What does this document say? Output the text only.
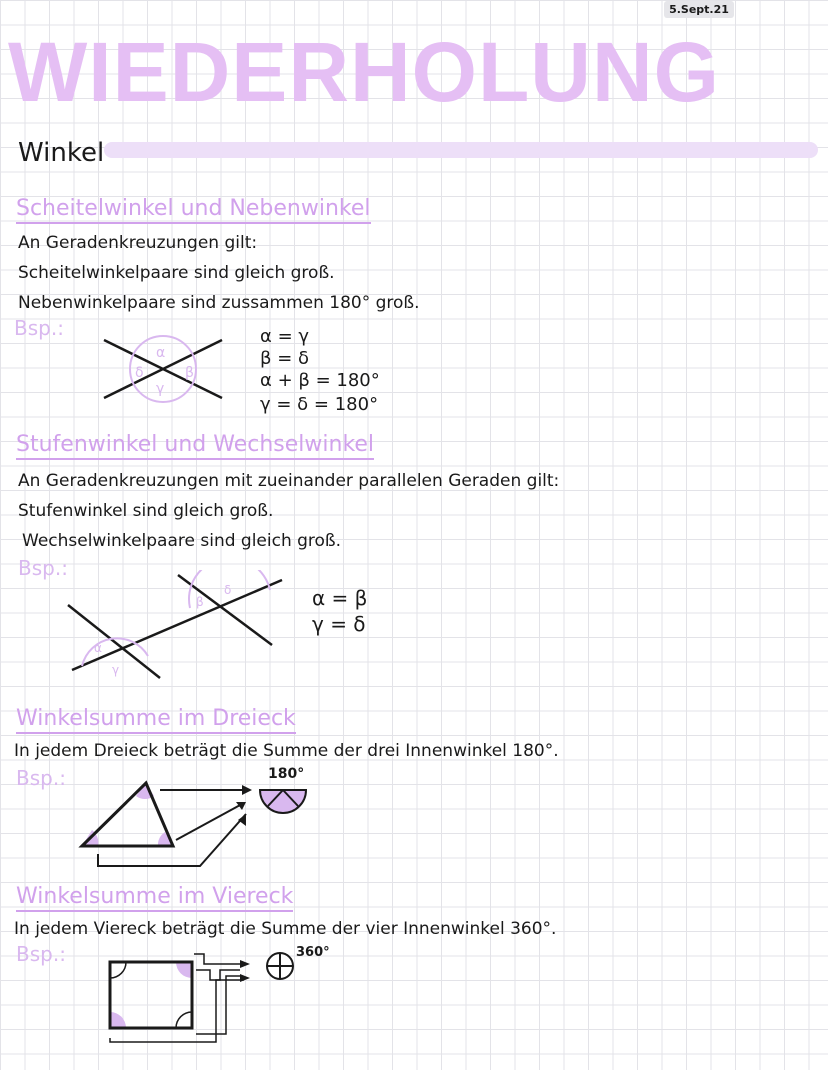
5.Sept.21
WIEDERHOLUNG
Winkel
Scheitelwinkel und Nebenwinkel
An Geradenkreuzungen gilt:
Scheitelwinkelpaare sind gleich groß.
Nebenwinkelpaare sind zussammen 180° groß.
Bsp.:
α
δ
γ
β
α = γ
β = δ
α + β = 180°
γ = δ = 180°
Stufenwinkel und Wechselwinkel
An Geradenkreuzungen mit zueinander parallelen Geraden gilt:
Stufenwinkel sind gleich groß.
Wechselwinkelpaare sind gleich groß.
Bsp.:
α
γ
β
δ	α = β
γ = δ
Winkelsumme im Dreieck
In jedem Dreieck beträgt die Summe der drei Innenwinkel 180°.
Bsp.:	180°
Winkelsumme im Viereck
In jedem Viereck beträgt die Summe der vier Innenwinkel 360°.
Bsp.:	360°
